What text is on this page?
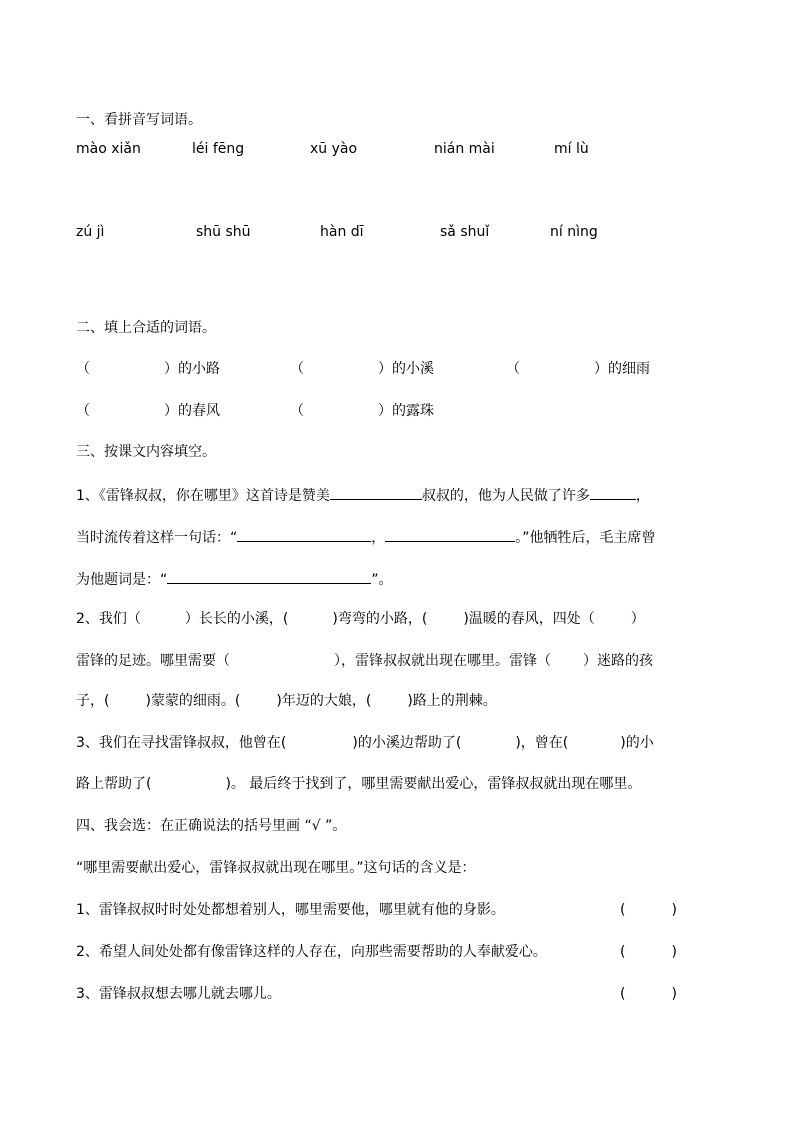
一、看拼音写词语。
mào xiǎn	léi fēng	xū yào	nián mài	mí lù
zú jì	shū shū	hàn dī	sǎ shuǐ	ní nìng
二、填上合适的词语。
（	）的小路	（	）的小溪	（	）的细雨
（	）的春风	（	）的露珠
三、按课文内容填空。
1、《雷锋叔叔，你在哪里》这首诗是赞美	叔叔的，他为人民做了许多	，
当时流传着这样一句话：“	，	。”他牺牲后，毛主席曾
为他题词是：“	”。
2、我们（	）长长的小溪，(	)弯弯的小路，(	)温暖的春风，四处（	）
雷锋的足迹。哪里需要（	），雷锋叔叔就出现在哪里。雷锋（ ）迷路的孩
子，(	)蒙蒙的细雨。(	)年迈的大娘，(	)路上的荆棘。
3、我们在寻找雷锋叔叔，他曾在(	)的小溪边帮助了(	)，曾在(	)的小
路上帮助了(	)。 最后终于找到了，哪里需要献出爱心，雷锋叔叔就出现在哪里。
四、我会选：在正确说法的括号里画 “√ ”。
“哪里需要献出爱心，雷锋叔叔就出现在哪里。”这句话的含义是：
1、雷锋叔叔时时处处都想着别人，哪里需要他，哪里就有他的身影。	(	)
2、希望人间处处都有像雷锋这样的人存在，向那些需要帮助的人奉献爱心。	(	)
3、雷锋叔叔想去哪儿就去哪儿。	(	)
